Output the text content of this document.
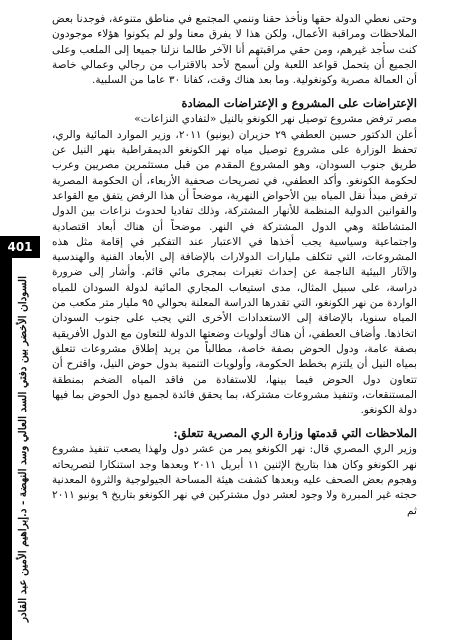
401
السودان الأخضر بين دفتي السد العالي وسد النهضة - د.إبراهيم الأمين عبد القادر

وحتى نعطي الدولة حقها ونأخذ حقنا وننمي المجتمع في مناطق متنوعة، فوجدنا بعض الملاحظات ومراقبة الأعمال، ولكن هذا لا يفرق معنا ولو لم يكونوا هؤلاء موجودون كنت سأجد غيرهم، ومن حقي مراقبتهم أنا الآخر طالما نزلنا جميعا إلى الملعب وعلى الجميع أن يتحمل قواعد اللعبة ولن أسمح لأحد بالاقتراب من رجالي وعمالي خاصة أن العمالة مصرية وكونغولية. وما بعد هناك وقت، كفانا ٣٠ عاما من السلبية.

الإعتراضات على المشروع و الإعتراضات المضادة

مصر ترفض مشروع توصيل نهر الكونغو بالنيل «لتفادي النزاعات»

أعلن الدكتور حسين العطفي ٢٩ حزيران (يونيو) ٢٠١١، وزير الموارد المائية والري، تحفظ الوزارة على مشروع توصيل مياه نهر الكونغو الديمقراطية بنهر النيل عن طريق جنوب السودان، وهو المشروع المقدم من قبل مستثمرين مصريين وعرب لحكومة الكونغو. وأكد العطفي، في تصريحات صحفية الأربعاء، أن الحكومة المصرية ترفض مبدأ نقل المياه بين الأحواض النهرية، موضحاً أن هذا الرفض يتفق مع القواعد والقوانين الدولية المنظمة للأنهار المشتركة، وذلك تفاديا لحدوث نزاعات بين الدول المتشاطئة وهي الدول المشتركة في النهر. موضحاً أن هناك أبعاد اقتصادية واجتماعية وسياسية يجب أخذها في الاعتبار عند التفكير في إقامة مثل هذه المشروعات، التي تتكلف مليارات الدولارات بالإضافة إلى الأبعاد الفنية والهندسية والآثار البيئية الناجمة عن إحداث تغيرات بمجرى مائي قائم. وأشار إلى ضرورة دراسة، على سبيل المثال، مدى استيعاب المجاري المائية لدولة السودان للمياه الواردة من نهر الكونغو، التي تقدرها الدراسة المعلنة بحوالي ٩٥ مليار متر مكعب من المياه سنويا، بالإضافة إلى الاستعدادات الأخرى التي يجب على جنوب السودان اتخاذها. وأضاف العطفي، أن هناك أولويات وضعتها الدولة للتعاون مع الدول الأفريقية بصفة عامة، ودول الحوض بصفة خاصة، مطالباً من يريد إطلاق مشروعات تتعلق بمياه النيل أن يلتزم بخطط الحكومة، وأولويات التنمية بدول حوض النيل، واقترح أن تتعاون دول الحوض فيما بينها، للاستفادة من فاقد المياه الضخم بمنطقة المستنقعات، وتنفيذ مشروعات مشتركة، بما يحقق فائدة لجميع دول الحوض بما فيها دولة الكونغو.

الملاحظات التي قدمتها وزارة الري المصرية تتعلق:

وزير الري المصري قال: نهر الكونغو يمر من عشر دول ولهذا يصعب تنفيذ مشروع نهر الكونغو وكان هذا بتاريخ الإثنين ١١ أبريل ٢٠١١ وبعدها وجد استنكارا لتصريحاته وهجوم بعض الصحف عليه وبعدها كشفت هيئة المساحة الجيولوجية والثروة المعدنية حجته غير المبررة ولا وجود لعشر دول مشتركين في نهر الكونغو بتاريخ ٩ يونيو ٢٠١١ ثم
